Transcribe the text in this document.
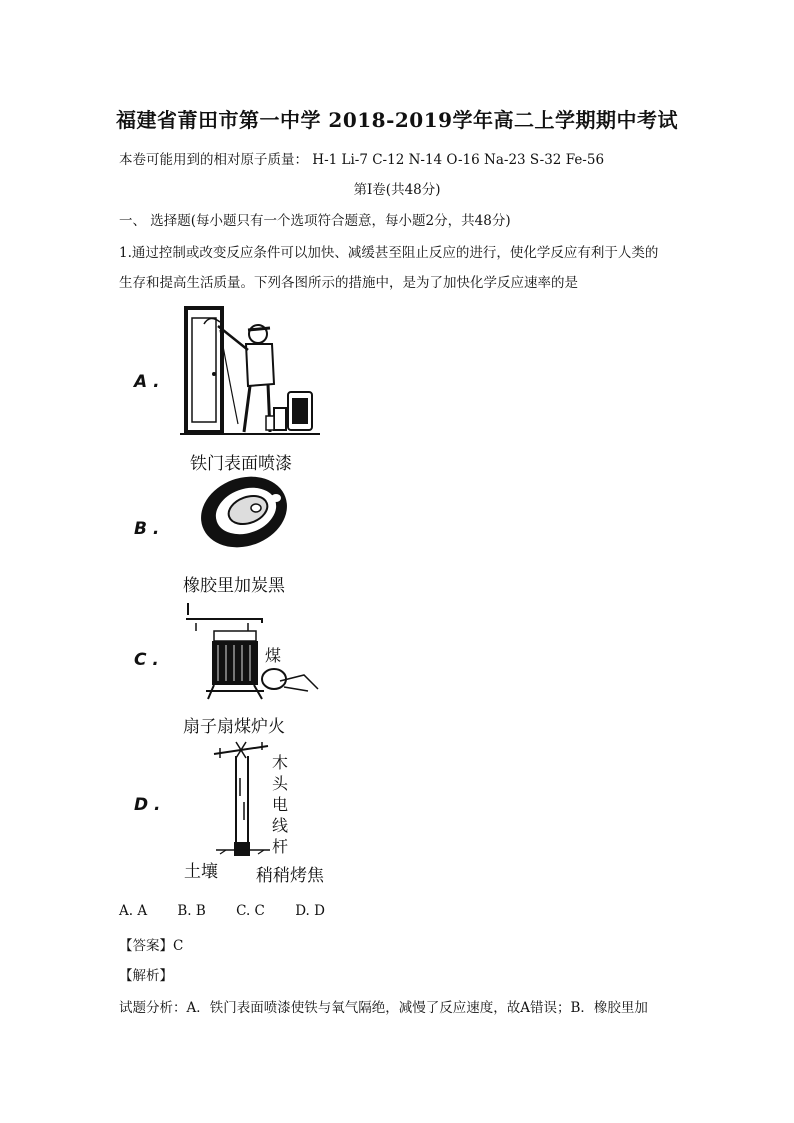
福建省莆田市第一中学 2018-2019学年高二上学期期中考试
本卷可能用到的相对原子质量： H-1 Li-7 C-12 N-14 O-16 Na-23 S-32 Fe-56
第I卷(共48分)
一、 选择题(每小题只有一个选项符合题意，每小题2分，共48分)
1.通过控制或改变反应条件可以加快、减缓甚至阻止反应的进行，使化学反应有利于人类的
生存和提高生活质量。下列各图所示的措施中，是为了加快化学反应速率的是
A .
铁门表面喷漆
B .
橡胶里加炭黑
C .	煤
扇子扇煤炉火
D .
木
头
电
线
杆
土壤 稍稍烤焦
A. A B. B C. C D. D
【答案】C
【解析】
试题分析：A．铁门表面喷漆使铁与氧气隔绝，减慢了反应速度，故A错误；B．橡胶里加
